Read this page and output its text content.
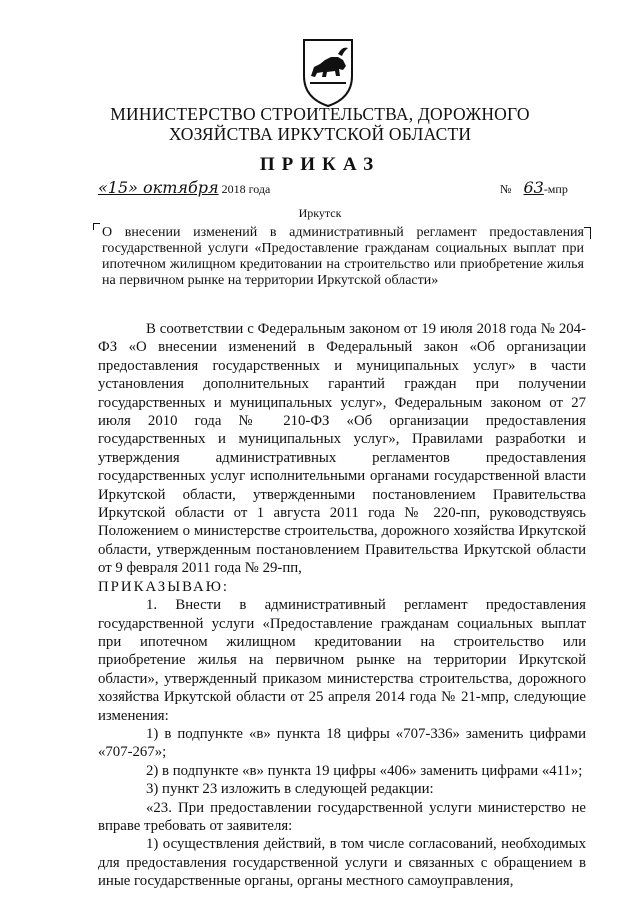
МИНИСТЕРСТВО СТРОИТЕЛЬСТВА, ДОРОЖНОГО ХОЗЯЙСТВА ИРКУТСКОЙ ОБЛАСТИ
ПРИКАЗ
«15» октября 2018 года	№ 63-мпр
Иркутск
О внесении изменений в административный регламент предоставления государственной услуги «Предоставление гражданам социальных выплат при ипотечном жилищном кредитовании на строительство или приобретение жилья на первичном рынке на территории Иркутской области»

В соответствии с Федеральным законом от 19 июля 2018 года № 204-ФЗ «О внесении изменений в Федеральный закон «Об организации предоставления государственных и муниципальных услуг» в части установления дополнительных гарантий граждан при получении государственных и муниципальных услуг», Федеральным законом от 27 июля 2010 года № 210-ФЗ «Об организации предоставления государственных и муниципальных услуг», Правилами разработки и утверждения административных регламентов предоставления государственных услуг исполнительными органами государственной власти Иркутской области, утвержденными постановлением Правительства Иркутской области от 1 августа 2011 года № 220-пп, руководствуясь Положением о министерстве строительства, дорожного хозяйства Иркутской области, утвержденным постановлением Правительства Иркутской области от 9 февраля 2011 года № 29-пп,

ПРИКАЗЫВАЮ:

1. Внести в административный регламент предоставления государственной услуги «Предоставление гражданам социальных выплат при ипотечном жилищном кредитовании на строительство или приобретение жилья на первичном рынке на территории Иркутской области», утвержденный приказом министерства строительства, дорожного хозяйства Иркутской области от 25 апреля 2014 года № 21-мпр, следующие изменения:

1) в подпункте «в» пункта 18 цифры «707-336» заменить цифрами «707-267»;

2) в подпункте «в» пункта 19 цифры «406» заменить цифрами «411»;

3) пункт 23 изложить в следующей редакции:

«23. При предоставлении государственной услуги министерство не вправе требовать от заявителя:

1) осуществления действий, в том числе согласований, необходимых для предоставления государственной услуги и связанных с обращением в иные государственные органы, органы местного самоуправления,
